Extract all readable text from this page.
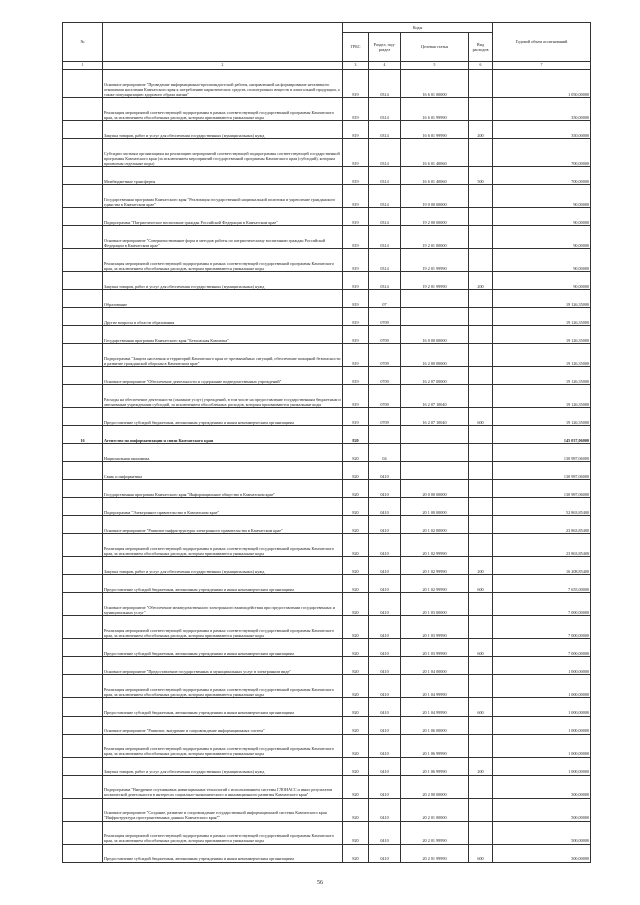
№		Коды				Годовой объем ассигнований
		ГРБС	Раздел, под-раздел	Целевая статья	Вид расходов	
1	2	3	4	5	6	7
	Основное мероприятие "Проведение информационно-пропагандистской работы, направленной на формирование негативного отношения населения Камчатского края к потреблению наркотических средств, психотропных веществ и алкогольной продукции, а также популяризацию здорового образа жизни"	819	0314	16 6 01 00000		1 050,00000
	Реализация мероприятий соответствующей подпрограммы в рамках соответствующей государственной программы Камчатского края, за исключением обособленных расходов, которым присваиваются уникальные коды	819	0314	16 6 01 99990		350,00000
	Закупка товаров, работ и услуг для обеспечения государственных (муниципальных) нужд	819	0314	16 6 01 99990	200	350,00000
	Субсидии частным организациям на реализацию мероприятий соответствующей подпрограммы соответствующей государственной программы Камчатского края (за исключением мероприятий государственной программы Камчатского края (субсидий), которым присвоены отдельные коды)	819	0314	16 6 01 40060		700,00000
	Межбюджетные трансферты	819	0314	16 6 01 40060	500	700,00000
	Государственная программа Камчатского края "Реализация государственной национальной политики и укрепление гражданского единства в Камчатском крае"	819	0314	19 0 00 00000		90,00000
	Подпрограмма "Патриотическое воспитание граждан Российской Федерации в Камчатском крае"	819	0314	19 2 00 00000		90,00000
	Основное мероприятие "Совершенствование форм и методов работы по патриотическому воспитанию граждан Российской Федерации в Камчатском крае"	819	0314	19 2 01 00000		90,00000
	Реализация мероприятий соответствующей подпрограммы в рамках соответствующей государственной программы Камчатского края, за исключением обособленных расходов, которым присваиваются уникальные коды	819	0314	19 2 01 99990		90,00000
	Закупка товаров, работ и услуг для обеспечения государственных (муниципальных) нужд	819	0314	19 2 01 99990	200	90,00000
	Образование	819	07			19 126,35000
	Другие вопросы в области образования	819	0709			19 126,35000
	Государственная программа Камчатского края "Безопасная Камчатка"	819	0709	16 0 00 00000		19 126,35000
	Подпрограмма "Защита населения и территорий Камчатского края от чрезвычайных ситуаций, обеспечение пожарной безопасности и развитие гражданской обороны в Камчатском крае"	819	0709	16 2 00 00000		19 126,35000
	Основное мероприятие "Обеспечение деятельности и содержание подведомственных учреждений"	819	0709	16 2 07 00000		19 126,35000
	Расходы на обеспечение деятельности (оказание услуг) учреждений, в том числе на предоставление государственным бюджетным и автономным учреждениям субсидий, за исключением обособленных расходов, которым присваиваются уникальные коды	819	0709	16 2 07 10040		19 126,35000
	Предоставление субсидий бюджетным, автономным учреждениям и иным некоммерческим организациям	819	0709	16 2 07 10040	600	19 126,35000
16	Агентство по информатизации и связи Камчатского края	820				145 037,06000
	Национальная экономика	820	04			130 987,06000
	Связь и информатика	820	0410			130 987,06000
	Государственная программа Камчатского края "Информационное общество в Камчатском крае"	820	0410	20 0 00 00000		130 987,06000
	Подпрограмма "Электронное правительство в Камчатском крае"	820	0410	20 1 00 00000		52 863,85400
	Основное мероприятие "Развитие инфраструктуры электронного правительства в Камчатском крае"	820	0410	20 1 02 00000		23 863,85400
	Реализация мероприятий соответствующей подпрограммы в рамках соответствующей государственной программы Камчатского края, за исключением обособленных расходов, которым присваиваются уникальные коды	820	0410	20 1 02 99990		23 863,85400
	Закупка товаров, работ и услуг для обеспечения государственных (муниципальных) нужд	820	0410	20 1 02 99990	200	16 208,85400
	Предоставление субсидий бюджетным, автономным учреждениям и иным некоммерческим организациям	820	0410	20 1 02 99990	600	7 655,00000
	Основное мероприятие "Обеспечение межведомственного электронного взаимодействия при предоставлении государственных и муниципальных услуг"	820	0410	20 1 03 00000		7 000,00000
	Реализация мероприятий соответствующей подпрограммы в рамках соответствующей государственной программы Камчатского края, за исключением обособленных расходов, которым присваиваются уникальные коды	820	0410	20 1 03 99990		7 000,00000
	Предоставление субсидий бюджетным, автономным учреждениям и иным некоммерческим организациям	820	0410	20 1 03 99990	600	7 000,00000
	Основное мероприятие "Предоставление государственных и муниципальных услуг в электронном виде"	820	0410	20 1 04 00000		1 000,00000
	Реализация мероприятий соответствующей подпрограммы в рамках соответствующей государственной программы Камчатского края, за исключением обособленных расходов, которым присваиваются уникальные коды	820	0410	20 1 04 99990		1 000,00000
	Предоставление субсидий бюджетным, автономным учреждениям и иным некоммерческим организациям	820	0410	20 1 04 99990	600	1 000,00000
	Основное мероприятие "Развитие, внедрение и сопровождение информационных систем"	820	0410	20 1 06 00000		1 000,00000
	Реализация мероприятий соответствующей подпрограммы в рамках соответствующей государственной программы Камчатского края, за исключением обособленных расходов, которым присваиваются уникальные коды	820	0410	20 1 06 99990		1 000,00000
	Закупка товаров, работ и услуг для обеспечения государственных (муниципальных) нужд	820	0410	20 1 06 99990	200	1 000,00000
	Подпрограмма "Внедрение спутниковых навигационных технологий с использованием системы ГЛОНАСС и иных результатов космической деятельности в интересах социально-экономического и инновационного развития Камчатского края"	820	0410	20 2 00 00000		500,00000
	Основное мероприятие "Создание, развитие и сопровождение государственной информационной системы Камчатского края "Инфраструктура пространственных данных Камчатского края""	820	0410	20 2 01 00000		500,00000
	Реализация мероприятий соответствующей подпрограммы в рамках соответствующей государственной программы Камчатского края, за исключением обособленных расходов, которым присваиваются уникальные коды	820	0410	20 2 01 99990		500,00000
	Предоставление субсидий бюджетным, автономным учреждениям и иным некоммерческим организациям	820	0410	20 2 01 99990	600	500,00000
56
